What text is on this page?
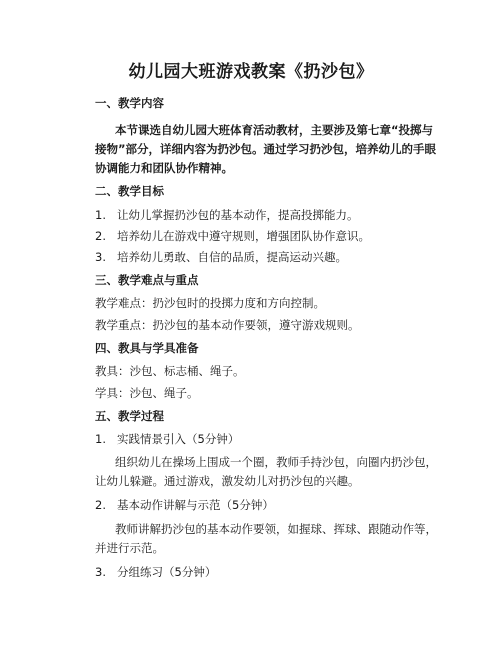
幼儿园大班游戏教案《扔沙包》
一、教学内容
本节课选自幼儿园大班体育活动教材，主要涉及第七章“投掷与
接物”部分，详细内容为扔沙包。通过学习扔沙包，培养幼儿的手眼
协调能力和团队协作精神。
二、教学目标
1. 让幼儿掌握扔沙包的基本动作，提高投掷能力。
2. 培养幼儿在游戏中遵守规则，增强团队协作意识。
3. 培养幼儿勇敢、自信的品质，提高运动兴趣。
三、教学难点与重点
教学难点：扔沙包时的投掷力度和方向控制。
教学重点：扔沙包的基本动作要领，遵守游戏规则。
四、教具与学具准备
教具：沙包、标志桶、绳子。
学具：沙包、绳子。
五、教学过程
1. 实践情景引入（5分钟）
组织幼儿在操场上围成一个圈，教师手持沙包，向圈内扔沙包，
让幼儿躲避。通过游戏，激发幼儿对扔沙包的兴趣。
2. 基本动作讲解与示范（5分钟）
教师讲解扔沙包的基本动作要领，如握球、挥球、跟随动作等，
并进行示范。
3. 分组练习（5分钟）
